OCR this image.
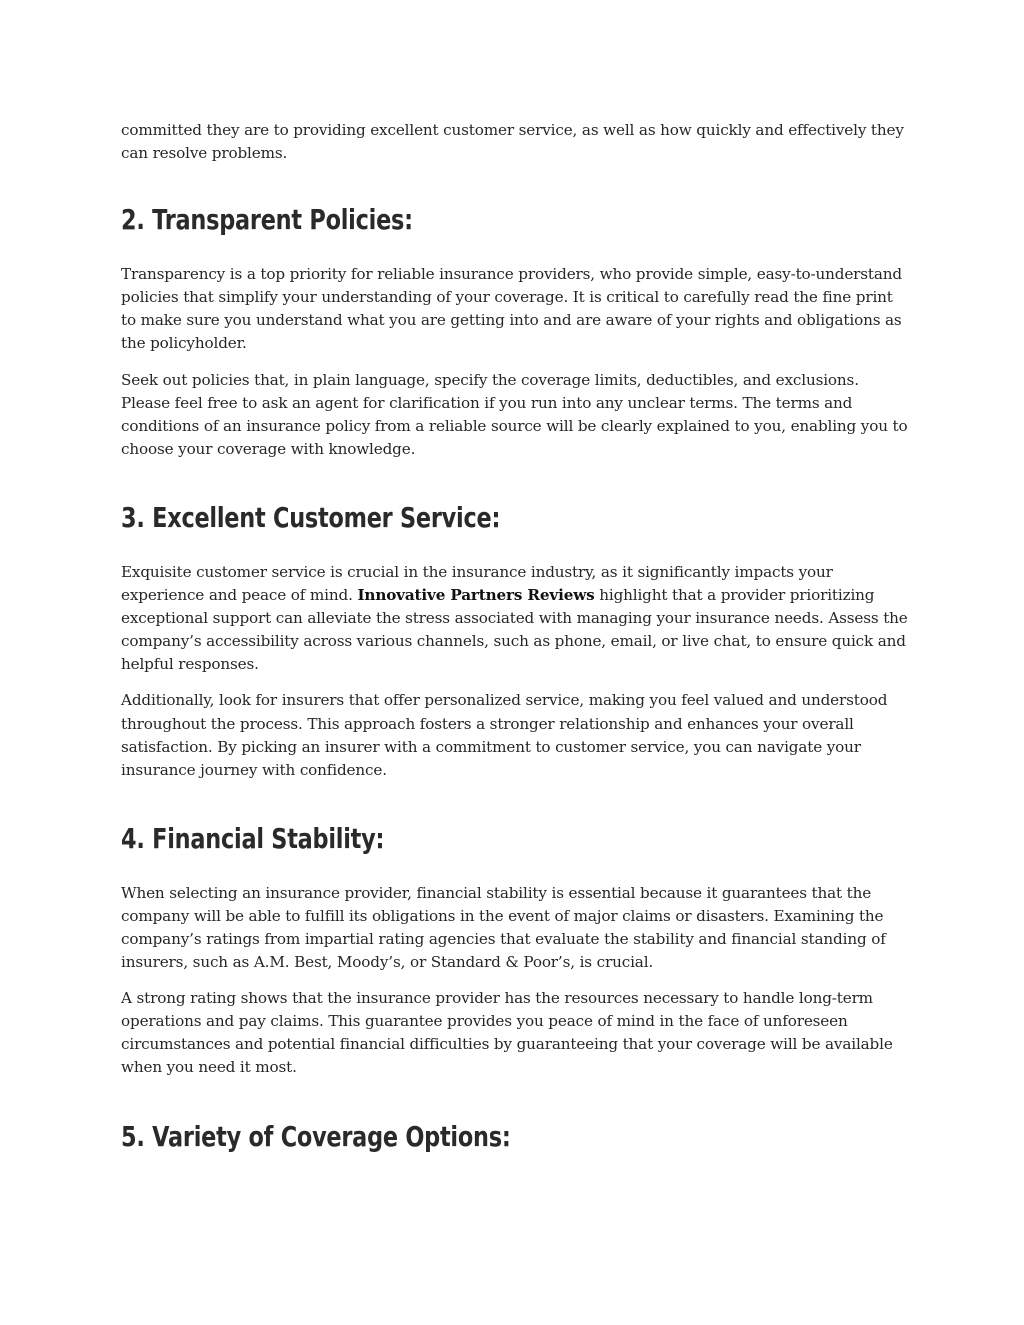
committed they are to providing excellent customer service, as well as how quickly and effectively they can resolve problems.

2. Transparent Policies:

Transparency is a top priority for reliable insurance providers, who provide simple, easy-to-understand policies that simplify your understanding of your coverage. It is critical to carefully read the fine print to make sure you understand what you are getting into and are aware of your rights and obligations as the policyholder.

Seek out policies that, in plain language, specify the coverage limits, deductibles, and exclusions. Please feel free to ask an agent for clarification if you run into any unclear terms. The terms and conditions of an insurance policy from a reliable source will be clearly explained to you, enabling you to choose your coverage with knowledge.

3. Excellent Customer Service:

Exquisite customer service is crucial in the insurance industry, as it significantly impacts your experience and peace of mind. Innovative Partners Reviews highlight that a provider prioritizing exceptional support can alleviate the stress associated with managing your insurance needs. Assess the company’s accessibility across various channels, such as phone, email, or live chat, to ensure quick and helpful responses.

Additionally, look for insurers that offer personalized service, making you feel valued and understood throughout the process. This approach fosters a stronger relationship and enhances your overall satisfaction. By picking an insurer with a commitment to customer service, you can navigate your insurance journey with confidence.

4. Financial Stability:

When selecting an insurance provider, financial stability is essential because it guarantees that the company will be able to fulfill its obligations in the event of major claims or disasters. Examining the company’s ratings from impartial rating agencies that evaluate the stability and financial standing of insurers, such as A.M. Best, Moody’s, or Standard & Poor’s, is crucial.

A strong rating shows that the insurance provider has the resources necessary to handle long-term operations and pay claims. This guarantee provides you peace of mind in the face of unforeseen circumstances and potential financial difficulties by guaranteeing that your coverage will be available when you need it most.

5. Variety of Coverage Options:
